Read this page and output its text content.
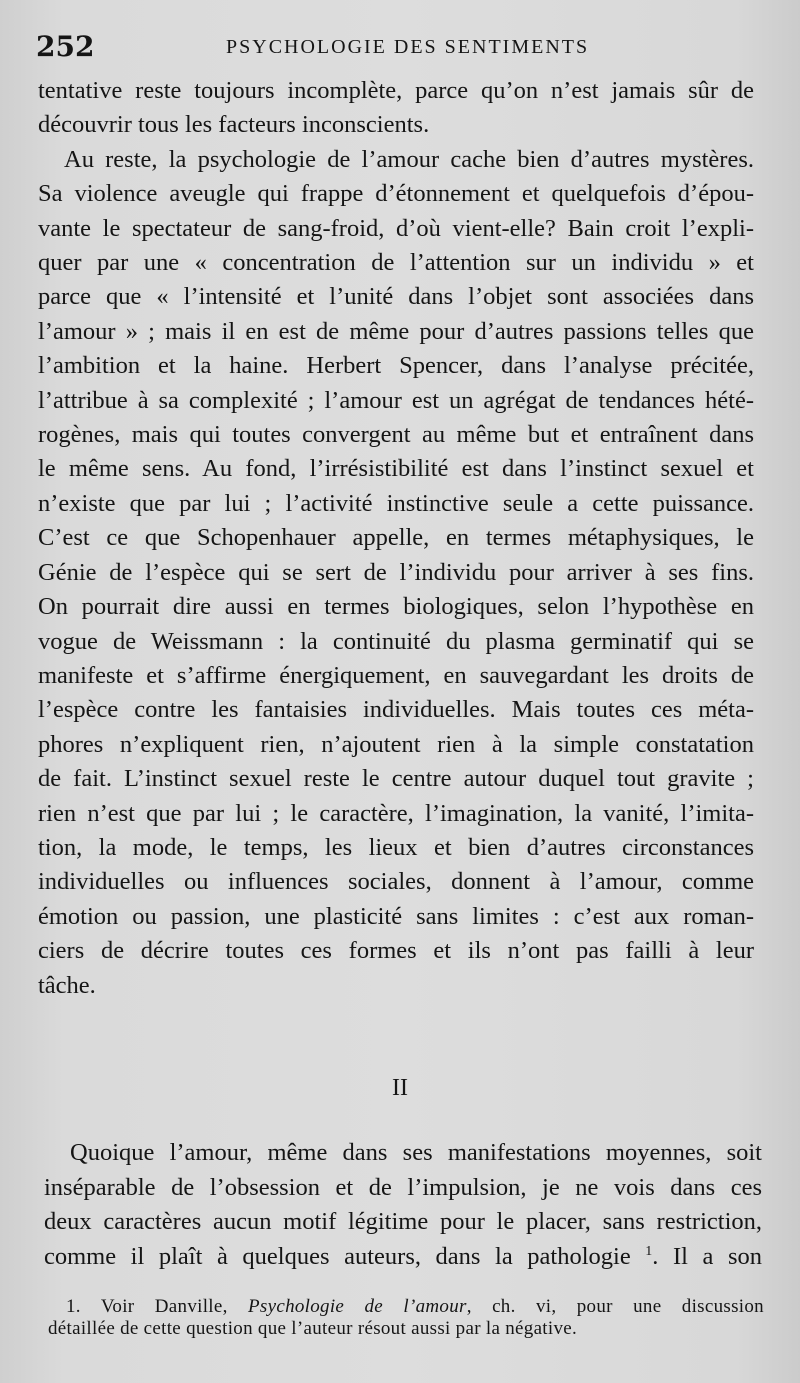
252	PSYCHOLOGIE DES SENTIMENTS

tentative reste toujours incomplète, parce qu’on n’est jamais sûr de
découvrir tous les facteurs inconscients.

Au reste, la psychologie de l’amour cache bien d’autres mystères.
Sa violence aveugle qui frappe d’étonnement et quelquefois d’épou-
vante le spectateur de sang-froid, d’où vient-elle? Bain croit l’expli-
quer par une « concentration de l’attention sur un individu » et
parce que « l’intensité et l’unité dans l’objet sont associées dans
l’amour » ; mais il en est de même pour d’autres passions telles que
l’ambition et la haine. Herbert Spencer, dans l’analyse précitée,
l’attribue à sa complexité ; l’amour est un agrégat de tendances hété-
rogènes, mais qui toutes convergent au même but et entraînent dans
le même sens. Au fond, l’irrésistibilité est dans l’instinct sexuel et
n’existe que par lui ; l’activité instinctive seule a cette puissance.
C’est ce que Schopenhauer appelle, en termes métaphysiques, le
Génie de l’espèce qui se sert de l’individu pour arriver à ses fins.
On pourrait dire aussi en termes biologiques, selon l’hypothèse en
vogue de Weissmann : la continuité du plasma germinatif qui se
manifeste et s’affirme énergiquement, en sauvegardant les droits de
l’espèce contre les fantaisies individuelles. Mais toutes ces méta-
phores n’expliquent rien, n’ajoutent rien à la simple constatation
de fait. L’instinct sexuel reste le centre autour duquel tout gravite ;
rien n’est que par lui ; le caractère, l’imagination, la vanité, l’imita-
tion, la mode, le temps, les lieux et bien d’autres circonstances
individuelles ou influences sociales, donnent à l’amour, comme
émotion ou passion, une plasticité sans limites : c’est aux roman-
ciers de décrire toutes ces formes et ils n’ont pas failli à leur
tâche.

II
Quoique l’amour, même dans ses manifestations moyennes, soit
inséparable de l’obsession et de l’impulsion, je ne vois dans ces
deux caractères aucun motif légitime pour le placer, sans restriction,
comme il plaît à quelques auteurs, dans la pathologie $^1$. Il a son
1. Voir Danville, Psychologie de l’amour, ch. vi, pour une discussion
détaillée de cette question que l’auteur résout aussi par la négative.
